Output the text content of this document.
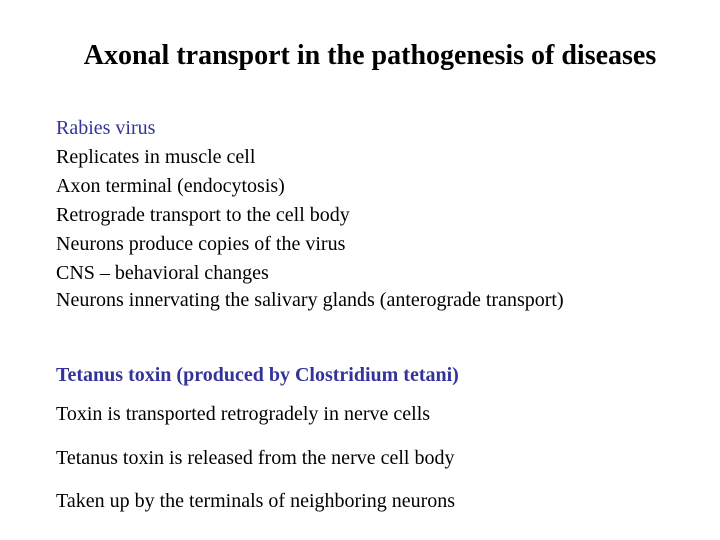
Axonal transport in the pathogenesis of diseases
Rabies virus
Replicates in muscle cell
Axon terminal (endocytosis)
Retrograde transport to the cell body
Neurons produce copies of the virus
CNS – behavioral changes
Neurons innervating the salivary glands (anterograde transport)
Tetanus toxin (produced by Clostridium tetani)
Toxin is transported retrogradely in nerve cells
Tetanus toxin is released from the nerve cell body
Taken up by the terminals of neighboring neurons
